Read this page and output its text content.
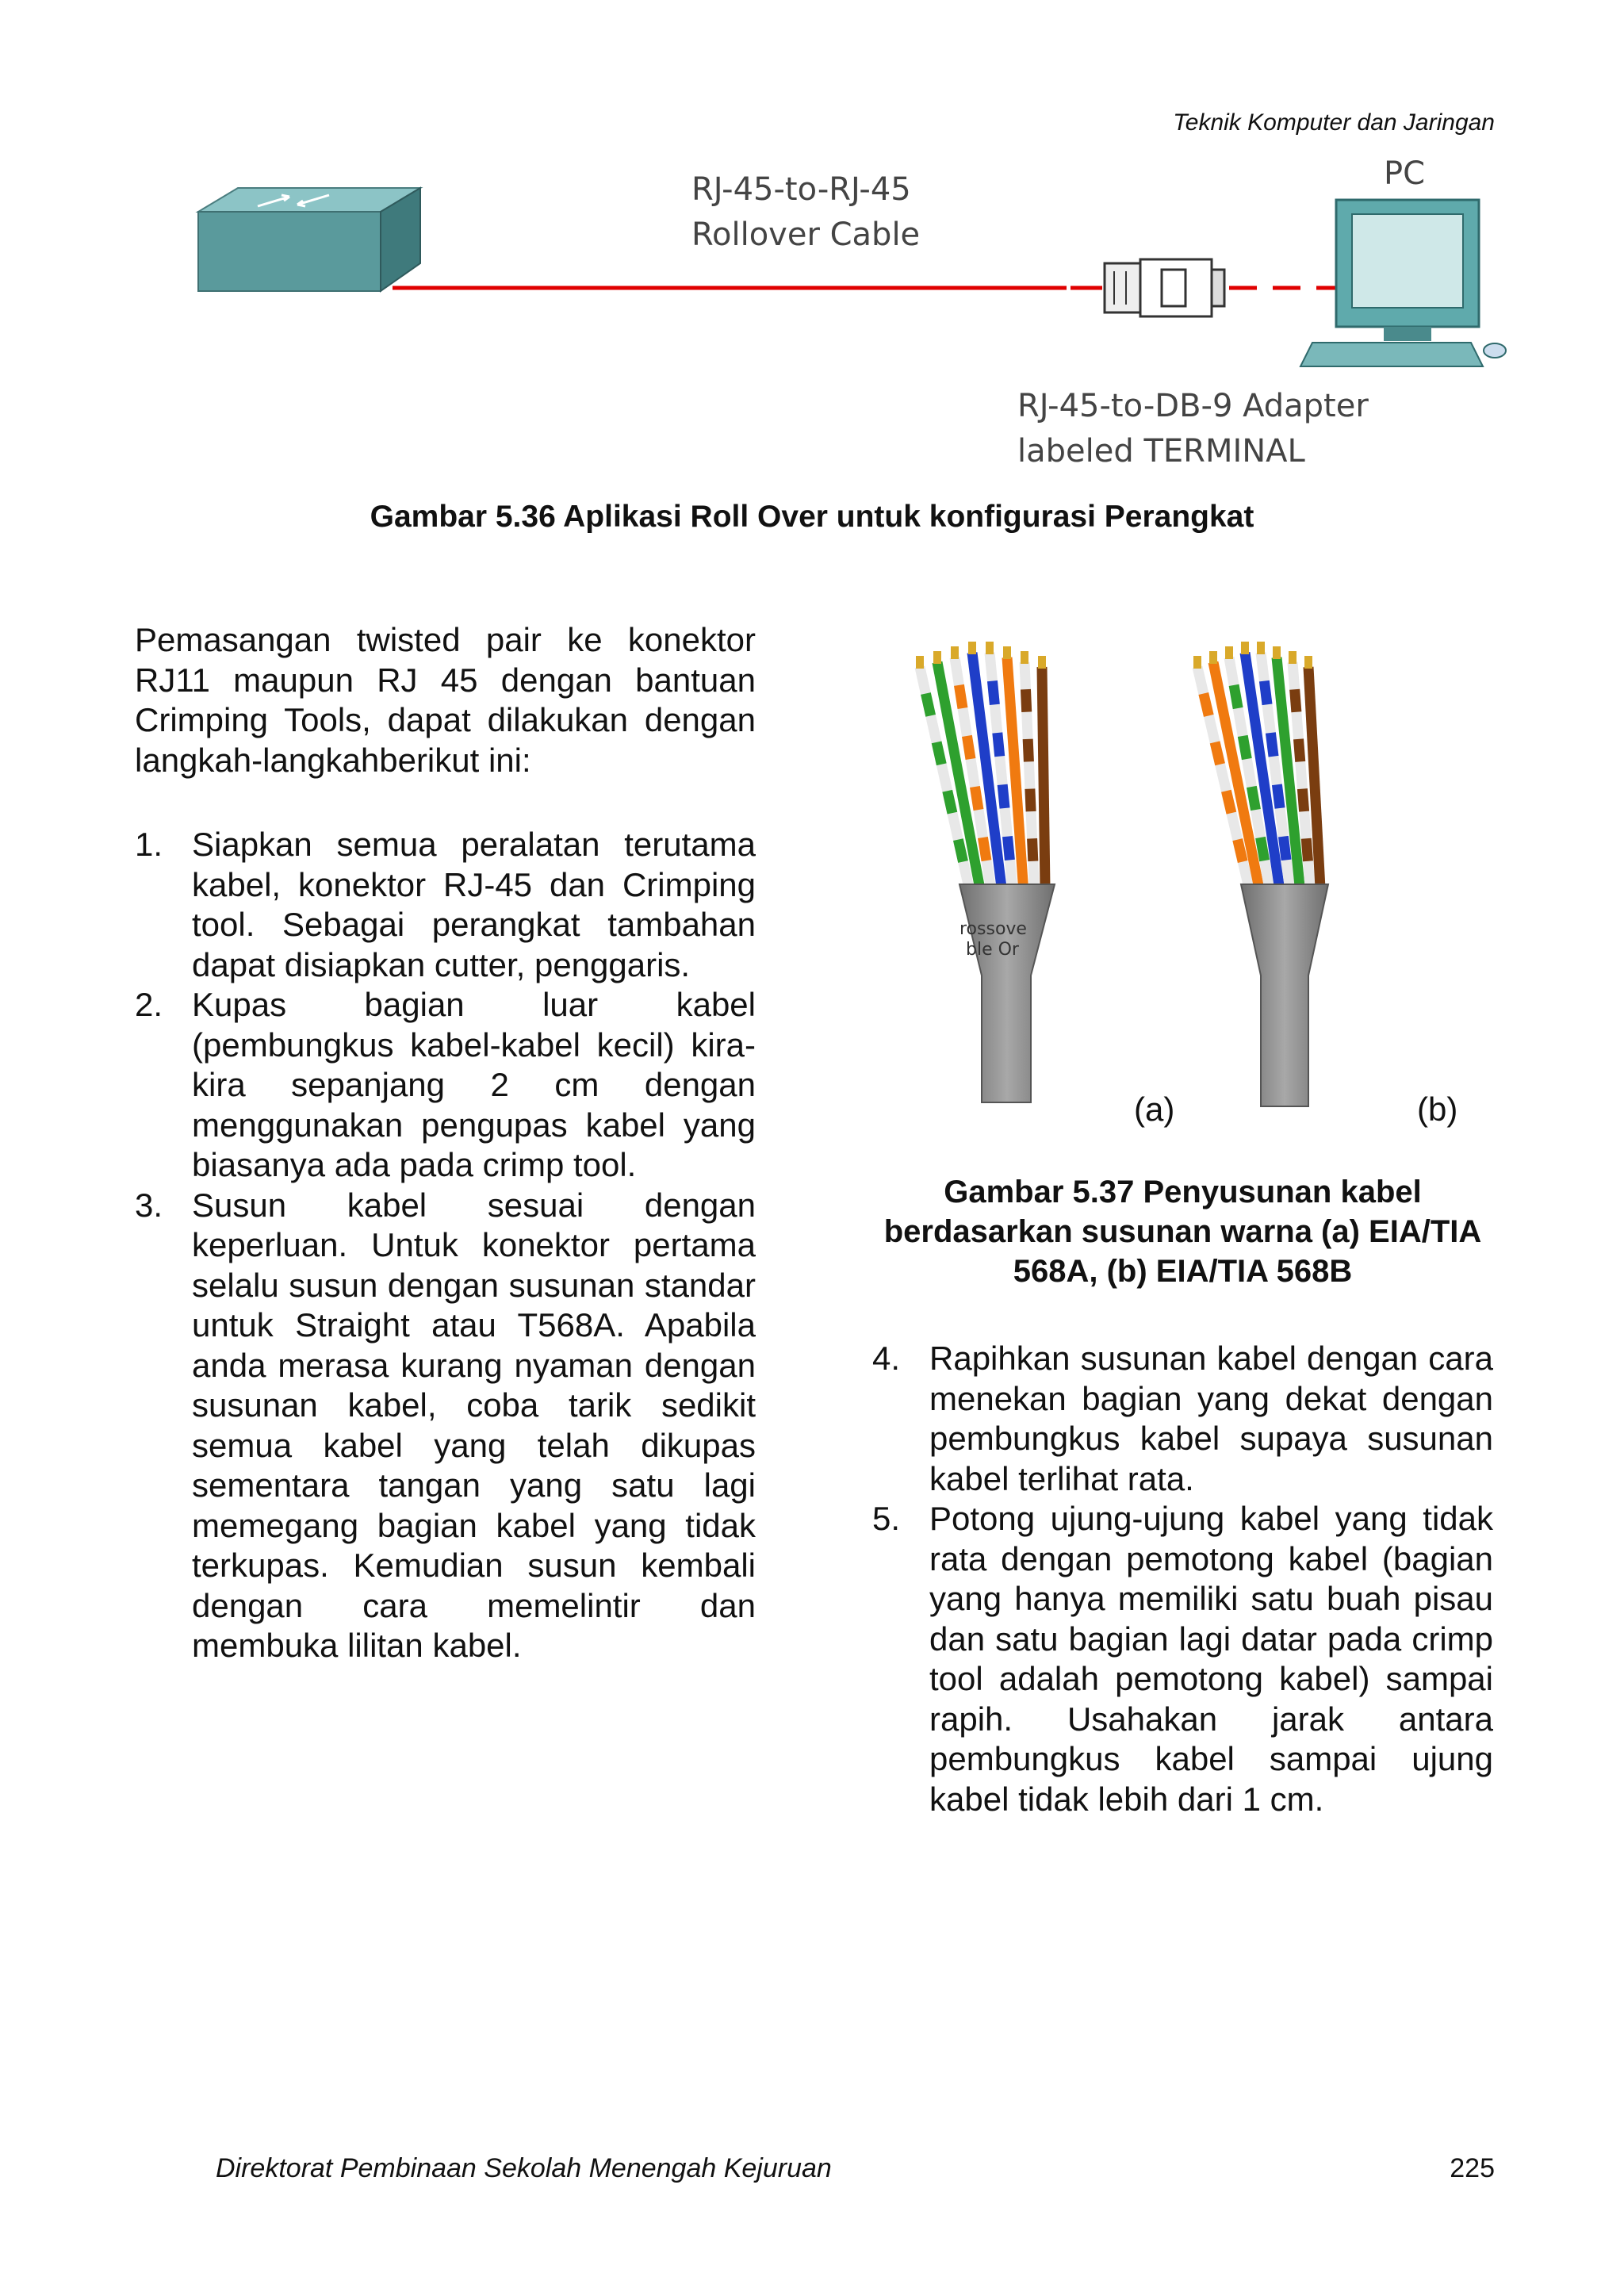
Teknik Komputer dan Jaringan
RJ-45-to-RJ-45
Rollover Cable
PC
RJ-45-to-DB-9 Adapter
labeled TERMINAL
Gambar 5.36 Aplikasi Roll Over untuk konfigurasi Perangkat

Pemasangan twisted pair ke konektor RJ11 maupun RJ 45 dengan bantuan Crimping Tools, dapat dilakukan dengan langkah-langkahberikut ini:

1. Siapkan semua peralatan terutama kabel, konektor RJ-45 dan Crimping tool. Sebagai perangkat tambahan dapat disiapkan cutter, penggaris.
2. Kupas bagian luar kabel (pembungkus kabel-kabel kecil) kira-kira sepanjang 2 cm dengan menggunakan pengupas kabel yang biasanya ada pada crimp tool.
3. Susun kabel sesuai dengan keperluan. Untuk konektor pertama selalu susun dengan susunan standar untuk Straight atau T568A. Apabila anda merasa kurang nyaman dengan susunan kabel, coba tarik sedikit semua kabel yang telah dikupas sementara tangan yang satu lagi memegang bagian kabel yang tidak terkupas. Kemudian susun kembali dengan cara memelintir dan membuka lilitan kabel.
rossove
ble Or
(a)	(b)
Gambar 5.37 Penyusunan kabel berdasarkan susunan warna (a) EIA/TIA 568A, (b) EIA/TIA 568B
4. Rapihkan susunan kabel dengan cara menekan bagian yang dekat dengan pembungkus kabel supaya susunan kabel terlihat rata.
5. Potong ujung-ujung kabel yang tidak rata dengan pemotong kabel (bagian yang hanya memiliki satu buah pisau dan satu bagian lagi datar pada crimp tool adalah pemotong kabel) sampai rapih. Usahakan jarak antara pembungkus kabel sampai ujung kabel tidak lebih dari 1 cm.
Direktorat Pembinaan Sekolah Menengah Kejuruan	225
